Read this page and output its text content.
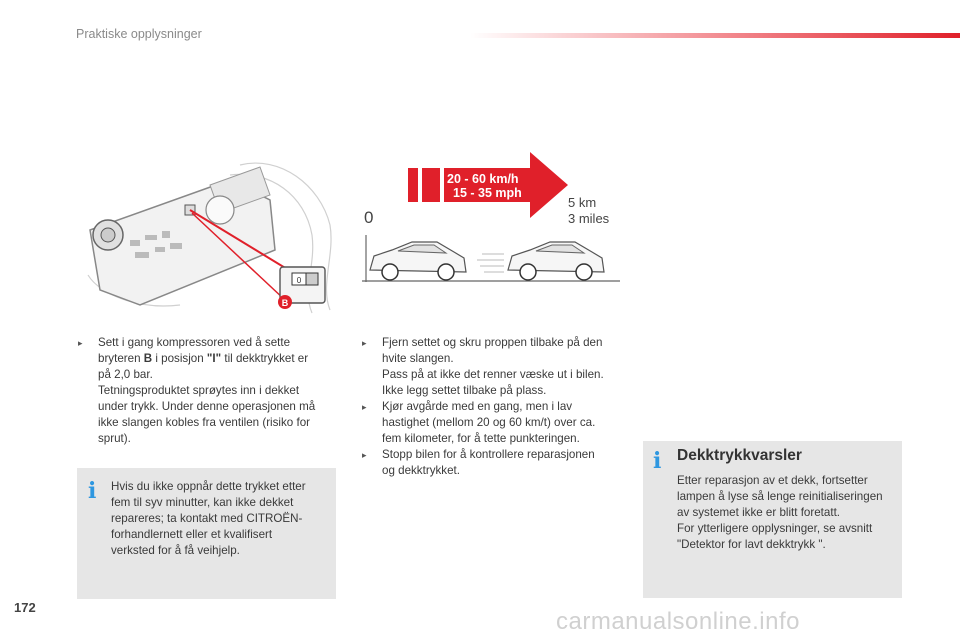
Praktiske opplysninger
0
B
20 - 60 km/h
15 - 35 mph
0
5 km
3 miles
▸ Sett i gang kompressoren ved å sette

bryteren B i posisjon "I" til dekktrykket er

på 2,0 bar.

Tetningsproduktet sprøytes inn i dekket

under trykk. Under denne operasjonen må

ikke slangen kobles fra ventilen (risiko for

sprut).

i Hvis du ikke oppnår dette trykket etter

fem til syv minutter, kan ikke dekket

repareres; ta kontakt med CITROËN-

forhandlernett eller et kvalifisert

verksted for å få veihjelp.

▸ Fjern settet og skru proppen tilbake på den

hvite slangen.

Pass på at ikke det renner væske ut i bilen.

Ikke legg settet tilbake på plass.

▸ Kjør avgårde med en gang, men i lav

hastighet (mellom 20 og 60 km/t) over ca.

fem kilometer, for å tette punkteringen.

▸ Stopp bilen for å kontrollere reparasjonen

og dekktrykket.	i Dekktrykkvarsler

Etter reparasjon av et dekk, fortsetter

lampen å lyse så lenge reinitialiseringen

av systemet ikke er blitt foretatt.

For ytterligere opplysninger, se avsnitt

"Detektor for lavt dekktrykk ".

172
carmanualsonline.info
